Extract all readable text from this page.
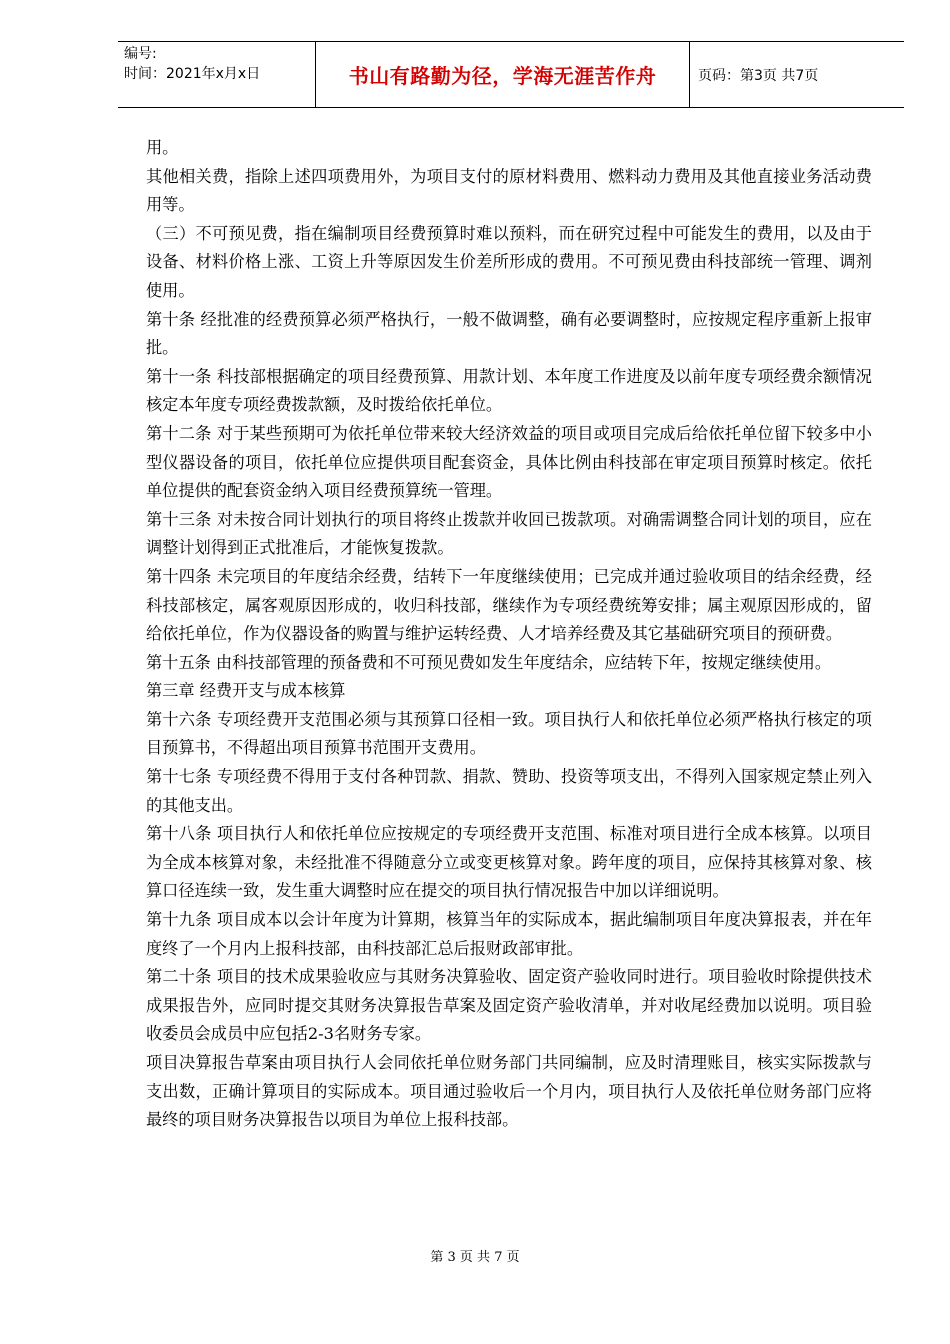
编号:
时间：2021年x月x日	书山有路勤为径，学海无涯苦作舟	页码：第3页 共7页

用。

其他相关费，指除上述四项费用外，为项目支付的原材料费用、燃料动力费用及其他直接业务活动费用等。

（三）不可预见费，指在编制项目经费预算时难以预料，而在研究过程中可能发生的费用，以及由于设备、材料价格上涨、工资上升等原因发生价差所形成的费用。不可预见费由科技部统一管理、调剂使用。

第十条 经批准的经费预算必须严格执行，一般不做调整，确有必要调整时，应按规定程序重新上报审批。

第十一条 科技部根据确定的项目经费预算、用款计划、本年度工作进度及以前年度专项经费余额情况核定本年度专项经费拨款额，及时拨给依托单位。

第十二条 对于某些预期可为依托单位带来较大经济效益的项目或项目完成后给依托单位留下较多中小型仪器设备的项目，依托单位应提供项目配套资金，具体比例由科技部在审定项目预算时核定。依托单位提供的配套资金纳入项目经费预算统一管理。

第十三条 对未按合同计划执行的项目将终止拨款并收回已拨款项。对确需调整合同计划的项目，应在调整计划得到正式批准后，才能恢复拨款。

第十四条 未完项目的年度结余经费，结转下一年度继续使用；已完成并通过验收项目的结余经费，经科技部核定，属客观原因形成的，收归科技部，继续作为专项经费统筹安排；属主观原因形成的，留给依托单位，作为仪器设备的购置与维护运转经费、人才培养经费及其它基础研究项目的预研费。

第十五条 由科技部管理的预备费和不可预见费如发生年度结余，应结转下年，按规定继续使用。

第三章 经费开支与成本核算

第十六条 专项经费开支范围必须与其预算口径相一致。项目执行人和依托单位必须严格执行核定的项目预算书，不得超出项目预算书范围开支费用。

第十七条 专项经费不得用于支付各种罚款、捐款、赞助、投资等项支出，不得列入国家规定禁止列入的其他支出。

第十八条 项目执行人和依托单位应按规定的专项经费开支范围、标准对项目进行全成本核算。以项目为全成本核算对象，未经批准不得随意分立或变更核算对象。跨年度的项目，应保持其核算对象、核算口径连续一致，发生重大调整时应在提交的项目执行情况报告中加以详细说明。

第十九条 项目成本以会计年度为计算期，核算当年的实际成本，据此编制项目年度决算报表，并在年度终了一个月内上报科技部，由科技部汇总后报财政部审批。

第二十条 项目的技术成果验收应与其财务决算验收、固定资产验收同时进行。项目验收时除提供技术成果报告外，应同时提交其财务决算报告草案及固定资产验收清单，并对收尾经费加以说明。项目验收委员会成员中应包括2-3名财务专家。

项目决算报告草案由项目执行人会同依托单位财务部门共同编制，应及时清理账目，核实实际拨款与支出数，正确计算项目的实际成本。项目通过验收后一个月内，项目执行人及依托单位财务部门应将最终的项目财务决算报告以项目为单位上报科技部。

第 3 页 共 7 页
